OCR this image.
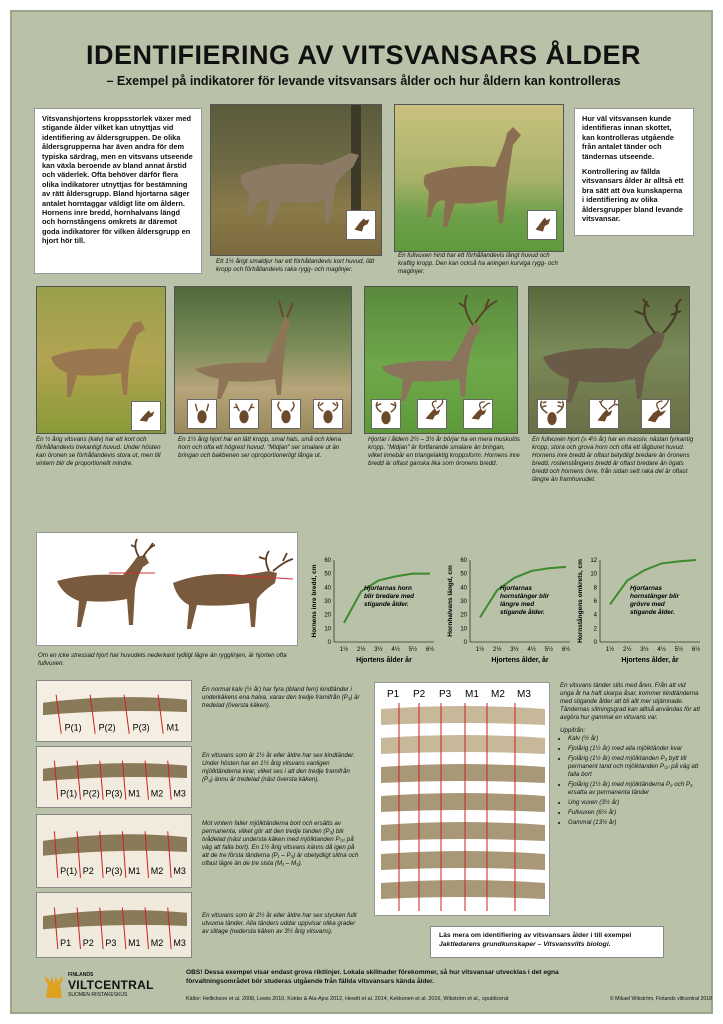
IDENTIFIERING AV VITSVANSARS ÅLDER
– Exempel på indikatorer för levande vitsvansars ålder och hur åldern kan kontrolleras
Vitsvanshjortens kroppsstorlek växer med stigande ålder vilket kan utnyttjas vid identifiering av åldersgruppen. De olika åldersgrupperna har även andra för dem typiska särdrag, men en vitsvans utseende kan växla beroende av bland annat årstid och väderlek. Ofta behöver därför flera olika indikatorer utnyttjas för bestämning av rätt åldersgrupp. Bland hjortarna säger antalet horntaggar väldigt lite om åldern. Hornens inre bredd, hornhalvans längd och hornstångens omkrets är däremot goda indikatorer för vilken åldersgrupp en hjort hör till.
Ett 1½ årigt smaldjur har ett förhållandevis kort huvud, lätt kropp och förhållandevis raka rygg- och maglinjer.
En fullvuxen hind har ett förhållandevis långt huvud och kraftig kropp. Den kan också ha aningen kurviga rygg- och maglinjer.
Hur väl vitsvansen kunde identifieras innan skottet, kan kontrolleras utgående från antalet tänder och tändernas utseende.
Kontrollering av fällda vitsvansars ålder är alltså ett bra sätt att öva kunskaperna i identifiering av olika åldersgrupper bland levande vitsvansar.
En ½ årig vitsvans (kalv) har ett kort och förhållandevis trekantigt huvud. Under hösten kan öronen se förhållandevis stora ut, men till vintern blir de proportionellt mindre.
En 1½ årig hjort har en lätt kropp, smal hals, små och klena horn och ofta ett högrest huvud. "Midjan" ser smalare ut än bringan och bakbenen ser oproportionerligt långa ut.
Hjortar i åldern 2½ – 3½ år börjar ha en mera muskulös kropp. "Midjan" är fortfarande smalare än bringan, vilket innebär en triangelaktig kroppsform. Hornens inre bredd är oftast ganska lika som öronens bredd.
En fullvuxen hjort (≥ 4½ år) har en massiv, nästan fyrkantig kropp, stora och grova horn och ofta ett lågburet huvud. Hornens inre bredd är oftast betydligt bredare än öronens bredd, rostenstångens bredd är oftast bredare än ögats bredd och hornens övre, från sidan sett raka del är oftast längre än framhuvudet.
Om en icke stressad hjort har huvudets nederkant tydligt lägre än rygglinjen, är hjorten ofta fullvuxen.
0
10
20
30
40
50
60
1½ 2½ 3½ 4½ 5½ 6½
Hjortens ålder år
Hornens inre bredd, cm	Hjortarnas horn
blir bredare med
stigande ålder.
0
10
20
30
40
50
60
1½ 2½ 3½ 4½ 5½ 6½
Hjortens ålder, år
Hornhalvans längd, cm	Hjortarnas
hornstänger blir
längre med
stigande ålder.
0
2
4
6
8
10
12
1½ 2½ 3½ 4½ 5½ 6½
Hjortens ålder, år
Hornstångens omkrets, cm	Hjortarnas
hornstänger blir
grövre med
stigande ålder.
P(1) P(2) P(3) M1
P(1) P(2) P(3) M1 M2 M3
P(1) P2 P(3) M1 M2 M3
P1 P2 P3 M1 M2 M3
En normal kalv (½ år) har fyra (ibland fem) kindtänder i underkäkens ena halva, varav den tredje framifrån (P₃) är tredelad (översta käken).
En vitsvans som är 1½ år eller äldre har sex kindtänder. Under hösten har en 1½ årig vitsvans vanligen mjölktänderna kvar, vilket ses i att den tredje framifrån (P₃) ännu är tredelad (näst översta käken).
Mot vintern faller mjölktänderna bort och ersätts av permanenta, vilket gör att den tredje tanden (P₃) blir tvådelad (näst understa käken med mjölktanden P₍₃₎ på väg att falla bort). En 1½ årig vitsvans känns då igen på att de tre första tänderna (P₁ – P₃) är obetydligt slitna och oftast lägre än de tre sista (M₁ – M₃).
En vitsvans som är 2½ år eller äldre har sex stycken fullt utvuxna tänder. Alla tänders uddar uppvisar olika grader av slitage (nedersta käken av 3½ årig vitsvans).
P1 P2 P3 M1 M2 M3
En vitsvans tänder slits med åren. Från att vid unga år ha haft skarpa åsar, kommer kindtänderna med stigande ålder att bli allt mer utjämnade. Tändernas slitningsgrad kan alltså användas för att avgöra hur gammal en vitsvans var.
Uppifrån:
• Kalv (½ år)
• Fjolårig (1½ år) med alla mjölktänder kvar
• Fjolårig (1½ år) med mjölktanden P₃ bytt till permanent tand och mjölktanden P₍₂₎ på väg att falla bort
• Fjolårig (1½ år) med mjölktänderna P₂ och P₃ ersatta av permanenta tänder
• Ung vuxen (3½ år)
• Fullvuxen (6½ år)
• Gammal (13½ år)
Läs mera om identifiering av vitsvansars ålder i till exempel
Jaktledarens grundkunskaper – Vitsvansvilts biologi.
FINLANDS
VILTCENTRAL
SUOMEN RIISTAKESKUS
OBS! Dessa exempel visar endast grova riktlinjer. Lokala skillnader förekommer, så hur vitsvansar utvecklas i det egna förvaltningsområdet bör studeras utgående från fällda vitsvansars kända ålder.
Källor: Hellickson et al. 2008, Lewis 2010, Kokko & Ala-Ajos 2012, Hewitt et al. 2014, Kekkonen et al. 2016, Wikström et al., opublicerat	© Mikael Wikström, Finlands viltcentral 2018
